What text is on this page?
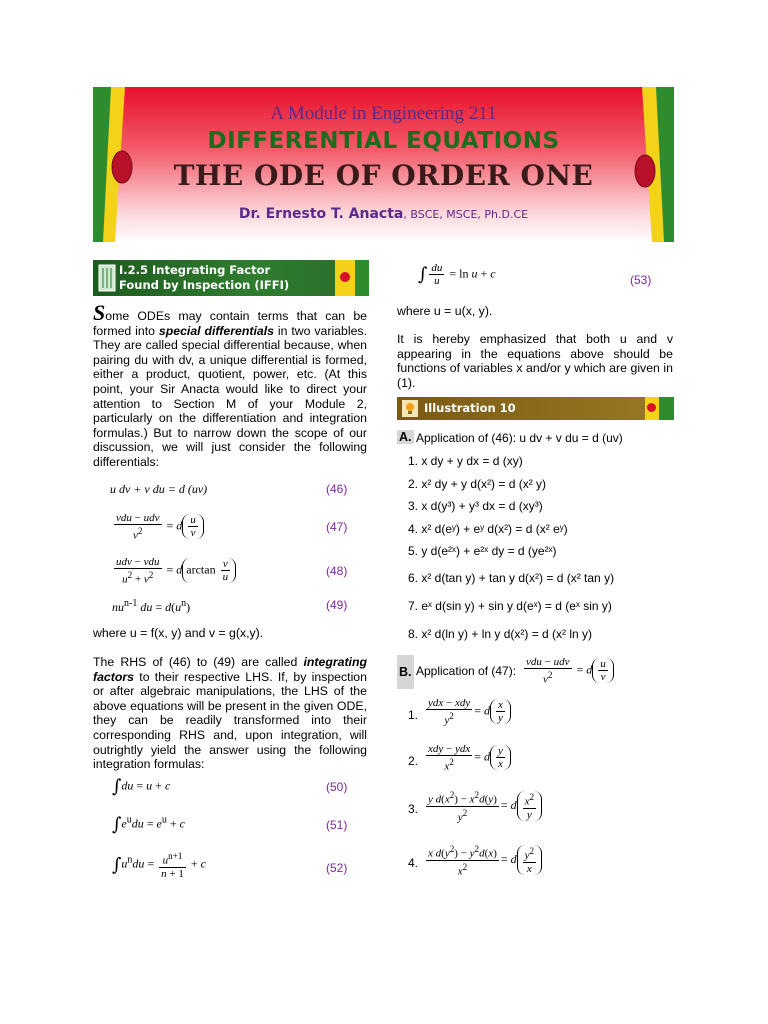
A Module in Engineering 211
DIFFERENTIAL EQUATIONS
THE ODE OF ORDER ONE
Dr. Ernesto T. Anacta, BSCE, MSCE, Ph.D.CE
I.2.5 Integrating Factor
Found by Inspection (IFFI)
Some ODEs may contain terms that can be formed into special differentials in two variables. They are called special differential because, when pairing du with dv, a unique differential is formed, either a product, quotient, power, etc. (At this point, your Sir Anacta would like to direct your attention to Section M of your Module 2, particularly on the differentiation and integration formulas.) But to narrow down the scope of our discussion, we will just consider the following differentials:
u dv + v du = d (uv)	(46)
$\frac{\text{vdu − udv}}{v^2} = d \frac{u}{v}$	(47)
$\frac{\text{udv − vdu}}{u^2 + v^2} = d$ $\arctan \frac{v}{u}$	(48)
$nu^{n-1}$ du = $d(u^n)$	(49)
where u = f(x, y) and v = g(x,y).
The RHS of (46) to (49) are called integrating factors to their respective LHS. If, by inspection or after algebraic manipulations, the LHS of the above equations will be present in the given ODE, they can be readily transformed into their corresponding RHS and, upon integration, will outrightly yield the answer using the following integration formulas:
∫du = u + c	(50)
$\int e^udu = e^u + c$	(51)
$\int u^ndu = \frac{u^{n+1}}{n + 1} + c$	(52)
∫ $\frac{du}{u} = \ln u + c$	(53)
where u = u(x, y).
It is hereby emphasized that both u and v appearing in the equations above should be functions of variables x and/or y which are given in (1).
Illustration 10
A. Application of (46): u dv + v du = d (uv)
1. x dy + y dx = d (xy)
2. x² dy + y d(x²) = d (x² y)
3. x d(y³) + y³ dx = d (xy³)
4. x² d(eʸ) + eʸ d(x²) = d (x² eʸ)
5. y d(e²ˣ) + e²ˣ dy = d (ye²ˣ)
6. x² d(tan y) + tan y d(x²) = d (x² tan y)
7. eˣ d(sin y) + sin y d(eˣ) = d (eˣ sin y)
8. x² d(ln y) + ln y d(x²) = d (x² ln y)
B. Application of (47): $\frac{\text{vdu − udv}}{v^2} = d \frac{u}{v}$
1. $\frac{\text{ydx − xdy}}{y^2} = d \frac{x}{y}$
2. $\frac{\text{xdy − ydx}}{x^2} = d \frac{y}{x}$
3. $\frac{y d(x^2) - x^2d(y)}{y^2} = d \frac{x^2}{y}$
4. $\frac{x d(y^2) - y^2d(x)}{x^2} = d \frac{y^2}{x}$
